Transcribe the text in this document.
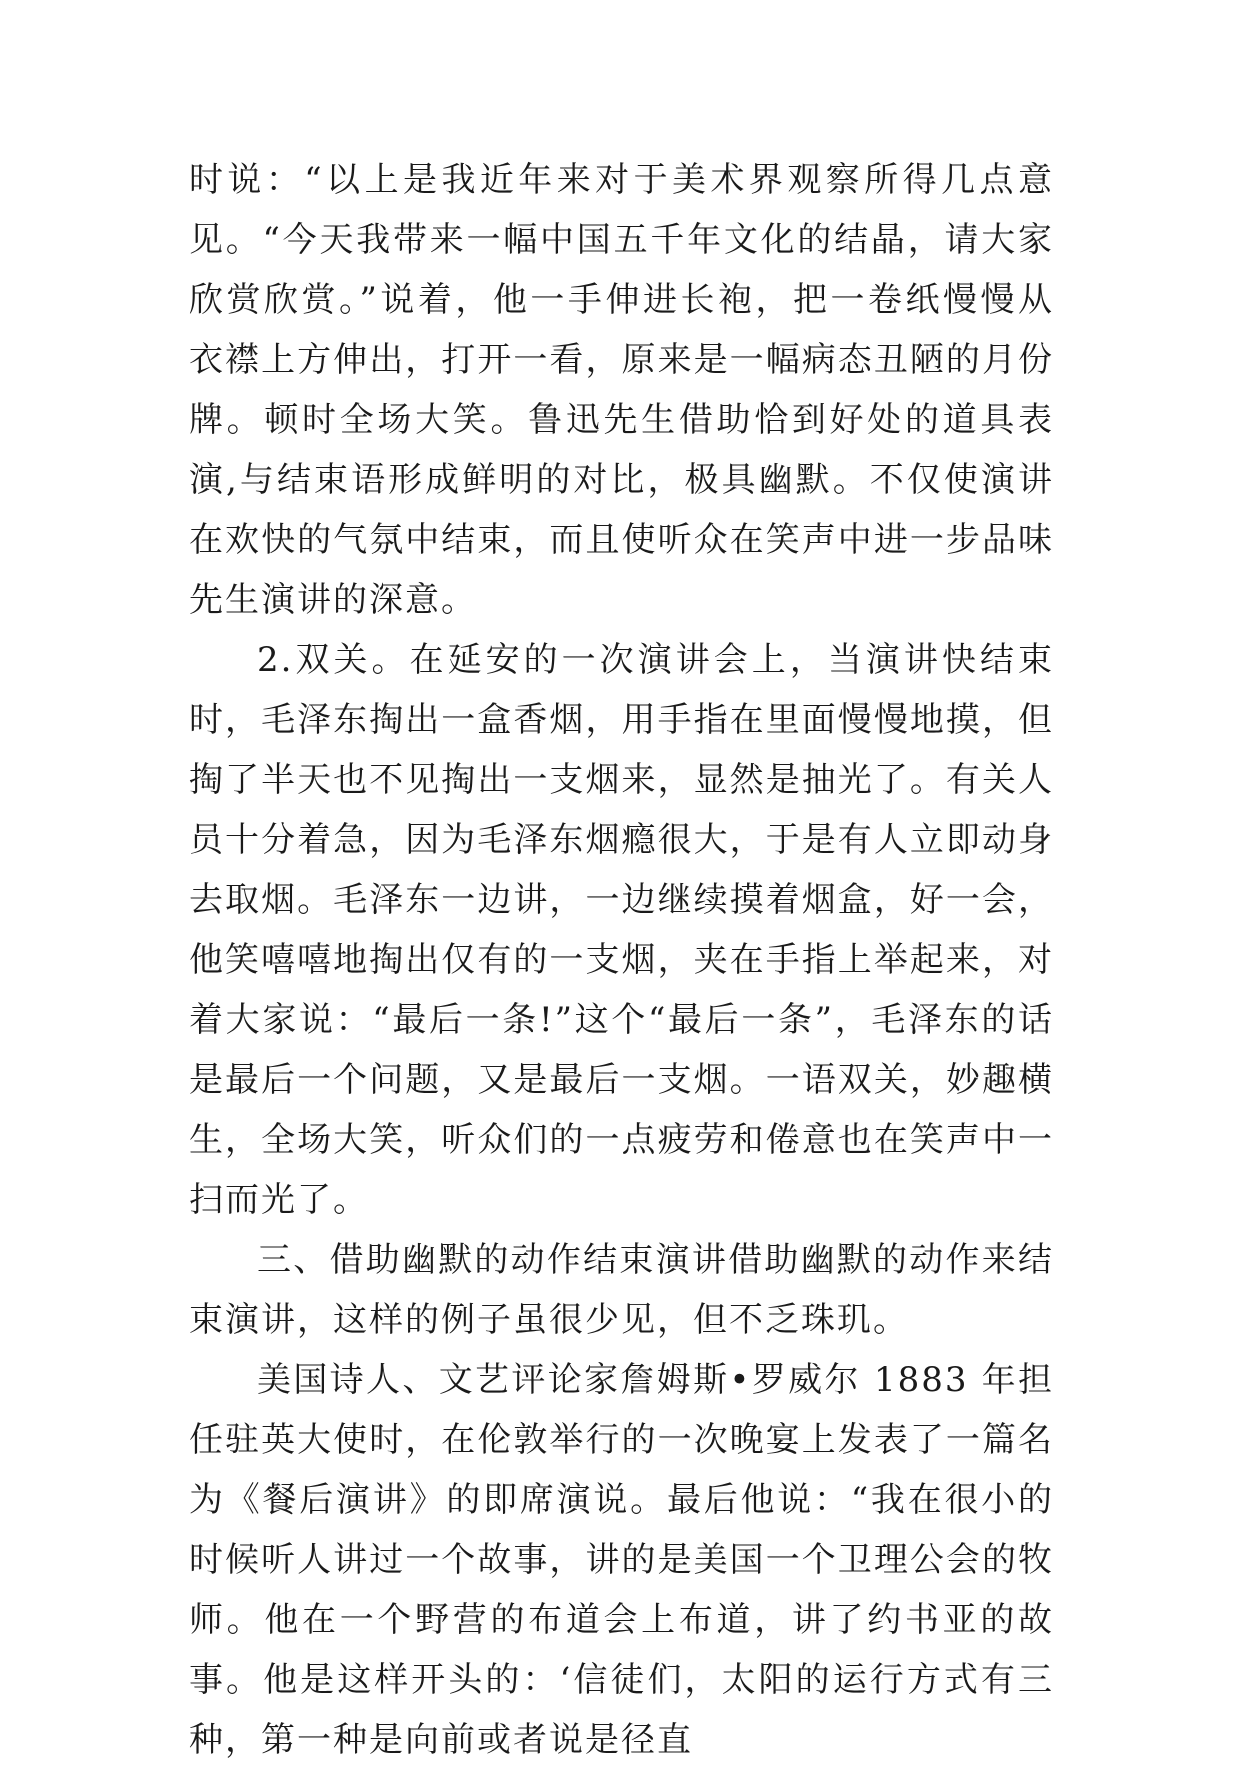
时说：“以上是我近年来对于美术界观察所得几点意见。“今天我带来一幅中国五千年文化的结晶，请大家欣赏欣赏。”说着，他一手伸进长袍，把一卷纸慢慢从衣襟上方伸出，打开一看，原来是一幅病态丑陋的月份牌。顿时全场大笑。鲁迅先生借助恰到好处的道具表演,与结束语形成鲜明的对比，极具幽默。不仅使演讲在欢快的气氛中结束，而且使听众在笑声中进一步品味先生演讲的深意。

2.双关。在延安的一次演讲会上，当演讲快结束时，毛泽东掏出一盒香烟，用手指在里面慢慢地摸，但掏了半天也不见掏出一支烟来，显然是抽光了。有关人员十分着急，因为毛泽东烟瘾很大，于是有人立即动身去取烟。毛泽东一边讲，一边继续摸着烟盒，好一会，他笑嘻嘻地掏出仅有的一支烟，夹在手指上举起来，对着大家说：“最后一条!”这个“最后一条”，毛泽东的话是最后一个问题，又是最后一支烟。一语双关，妙趣横生，全场大笑，听众们的一点疲劳和倦意也在笑声中一扫而光了。

三、借助幽默的动作结束演讲借助幽默的动作来结束演讲，这样的例子虽很少见，但不乏珠玑。

美国诗人、文艺评论家詹姆斯•罗威尔 1883 年担任驻英大使时，在伦敦举行的一次晚宴上发表了一篇名为《餐后演讲》的即席演说。最后他说：“我在很小的时候听人讲过一个故事，讲的是美国一个卫理公会的牧师。他在一个野营的布道会上布道，讲了约书亚的故事。他是这样开头的：‘信徒们，太阳的运行方式有三种，第一种是向前或者说是径直
